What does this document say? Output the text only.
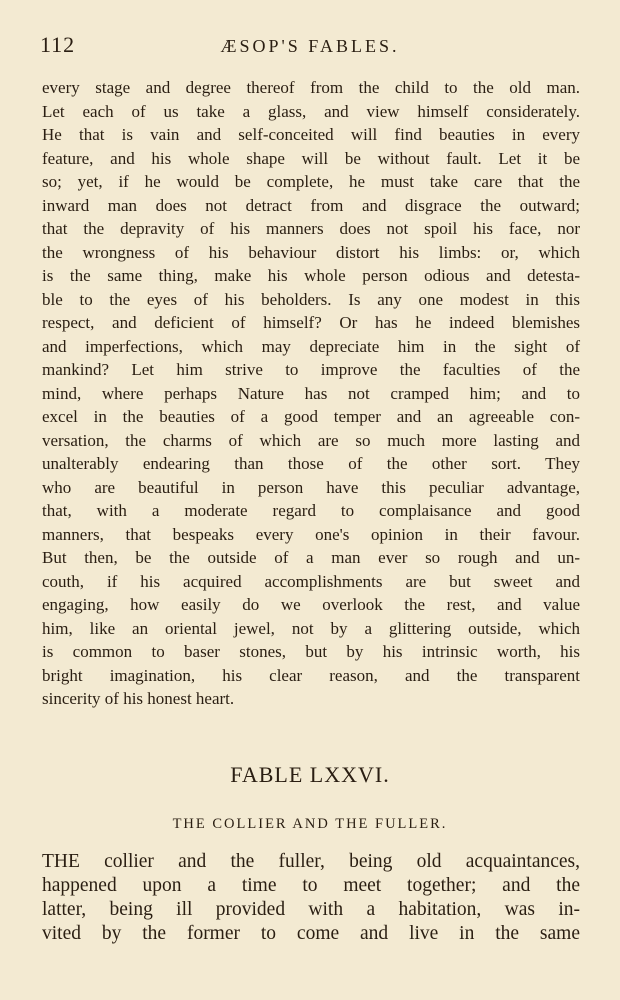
112	ÆSOP'S FABLES.
every stage and degree thereof from the child to the old man.
Let each of us take a glass, and view himself considerately.
He that is vain and self-conceited will find beauties in every
feature, and his whole shape will be without fault. Let it be
so; yet, if he would be complete, he must take care that the
inward man does not detract from and disgrace the outward;
that the depravity of his manners does not spoil his face, nor
the wrongness of his behaviour distort his limbs: or, which
is the same thing, make his whole person odious and detesta-
ble to the eyes of his beholders. Is any one modest in this
respect, and deficient of himself? Or has he indeed blemishes
and imperfections, which may depreciate him in the sight of
mankind? Let him strive to improve the faculties of the
mind, where perhaps Nature has not cramped him; and to
excel in the beauties of a good temper and an agreeable con-
versation, the charms of which are so much more lasting and
unalterably endearing than those of the other sort. They
who are beautiful in person have this peculiar advantage,
that, with a moderate regard to complaisance and good
manners, that bespeaks every one's opinion in their favour.
But then, be the outside of a man ever so rough and un-
couth, if his acquired accomplishments are but sweet and
engaging, how easily do we overlook the rest, and value
him, like an oriental jewel, not by a glittering outside, which
is common to baser stones, but by his intrinsic worth, his
bright imagination, his clear reason, and the transparent
sincerity of his honest heart.
FABLE LXXVI.
THE COLLIER AND THE FULLER.
THE collier and the fuller, being old acquaintances,
happened upon a time to meet together; and the
latter, being ill provided with a habitation, was in-
vited by the former to come and live in the same
